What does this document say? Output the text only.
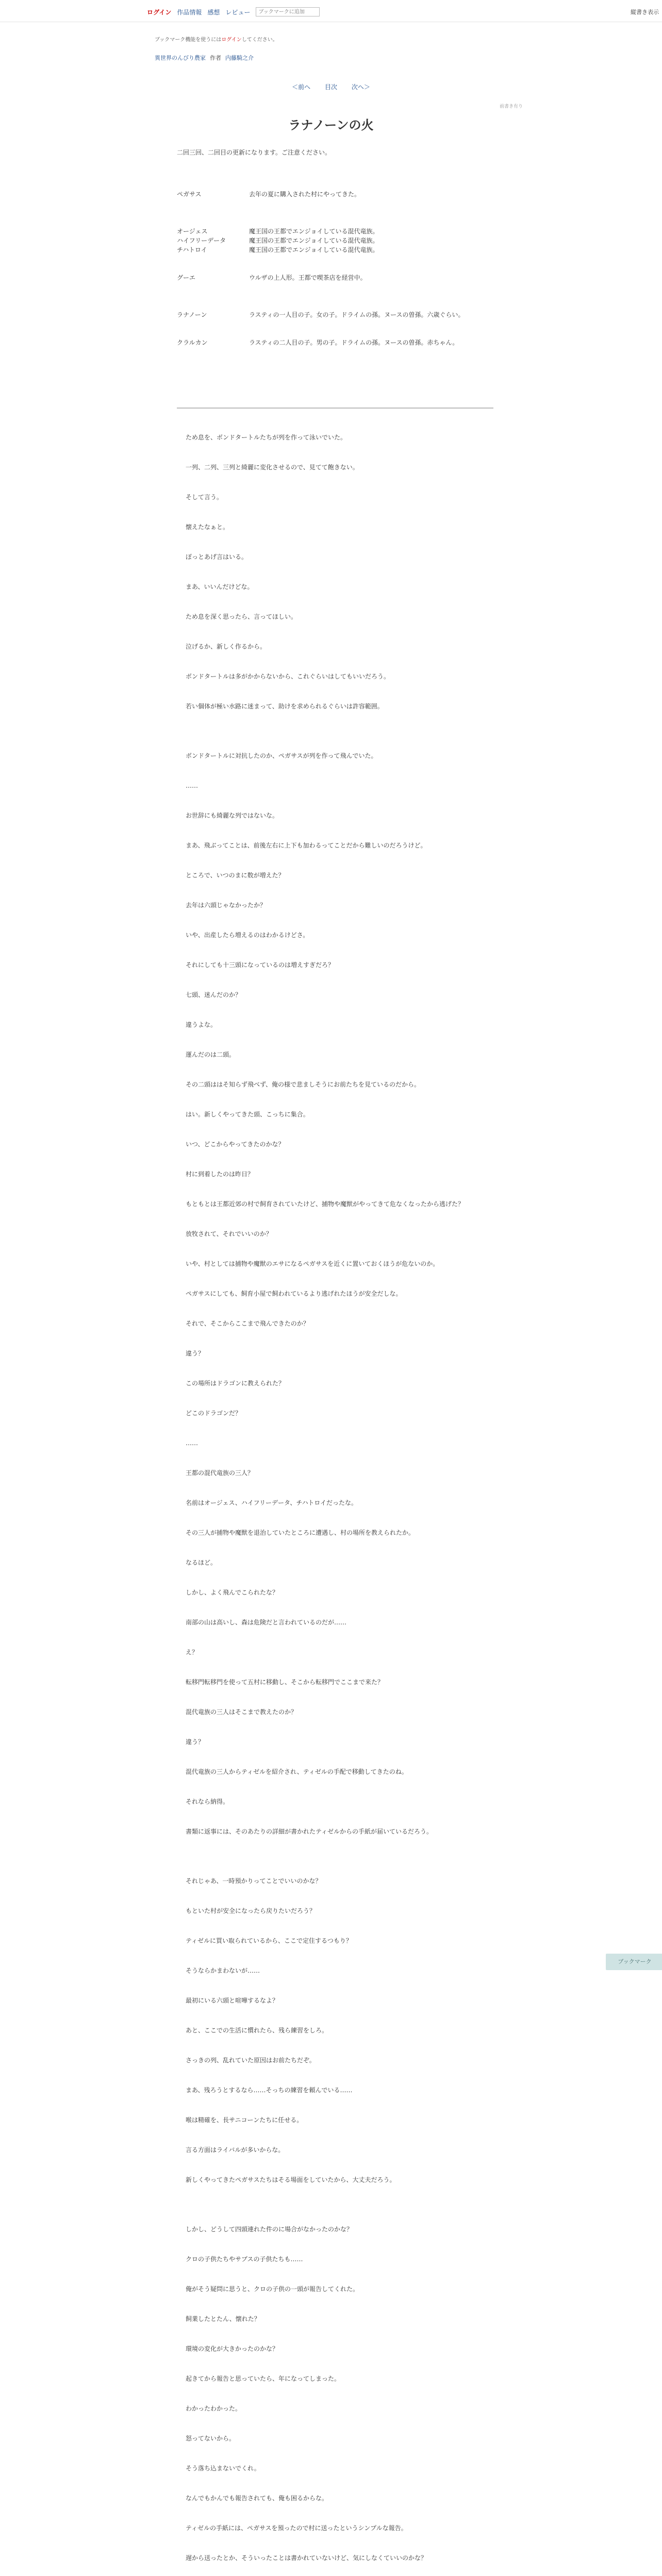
ログイン 作品情報 感想 レビュー
ブックマークに追加	縦書き表示
ブックマーク機能を使うにはログインしてください。
異世界のんびり農家 作者 内藤騎之介
＜前へ 目次 次へ＞
前書き有り
ラナノーンの火
二回三回、二回目の更新になります。ご注意ください。
ペガサス	去年の夏に購入された村にやってきた。
オージェス	魔王国の王都でエンジョイしている混代竜族。
ハイフリーデータ	魔王国の王都でエンジョイしている混代竜族。
チハトロイ	魔王国の王都でエンジョイしている混代竜族。
グーエ	ウルザの上人形。王都で喫茶店を経営中。
ラナノーン	ラスティの一人目の子。女の子。ドライムの孫。ヌースの曽孫。六歳ぐらい。
クラルカン	ラスティの二人目の子。男の子。ドライムの孫。ヌースの曽孫。赤ちゃん。
ため息を、ボンドタートルたちが列を作って泳いでいた。
一列、二列、三列と綺麗に変化させるので、見てて飽きない。
そして言う。
懐えたなぁと。
ぽっとあげ言はいる。
まあ、いいんだけどな。
ため息を深く思ったら、言ってほしい。
泣げるか、新しく作るから。
ボンドタートルは多がかからないから、これぐらいはしてもいいだろう。
若い個体が極い水路に迷まって、助けを求められるぐらいは許容範囲。
ボンドタートルに対抗したのか、ペガサスが列を作って飛んでいた。
……
お世辞にも綺麗な列ではないな。
まあ、飛ぶってことは、前後左右に上下も加わるってことだから難しいのだろうけど。
ところで、いつのまに数が増えた？
去年は六頭じゃなかったか？
いや、出産したら増えるのはわかるけどさ。
それにしても十三頭になっているのは増えすぎだろ？
七頭、迷んだのか？
違うよな。
運んだのは二頭。
その二頭ははそ知らず飛べず、俺の様で悲ましそうにお前たちを見ているのだから。
はい。新しくやってきた頭、こっちに集合。
いつ、どこからやってきたのかな？
村に到着したのは昨日？
もともとは王都近郊の村で飼育されていたけど、捕物や魔獣がやってきて危なくなったから逃げた？
放牧されて、それでいいのか？
いや、村としては捕物や魔獣のエサになるペガサスを近くに置いておくほうが危ないのか。
ペガサスにしても、飼育小屋で飼われているより逃げれたほうが安全だしな。
それで、そこからここまで飛んできたのか？
違う？
この場所はドラゴンに教えられた？
どこのドラゴンだ？
……
王都の混代竜族の三人？
名前はオージェス、ハイフリーデータ、チハトロイだったな。
その三人が捕物や魔獣を退治していたところに遭遇し、村の場所を教えられたか。
なるほど。
しかし、よく飛んでこられたな？
南部の山は高いし、森は危険だと言われているのだが……
え？
転移門転移門を使って五村に移動し、そこから転移門でここまで来た？
混代竜族の三人はそこまで教えたのか？
違う？
混代竜族の三人からティゼルを紹介され、ティゼルの手配で移動してきたのね。
それなら納得。
書類に返事には、そのあたりの詳細が書かれたティゼルからの手紙が届いているだろう。
それじゃあ、一時預かりってことでいいのかな？
もといた村が安全になったら戻りたいだろう？
ティゼルに買い取られているから、ここで定住するつもり？
そうならかまわないが……
最初にいる六頭と喧嘩するなよ？
あと、ここでの生活に慣れたら、残ら練習をしろ。
さっきの列、乱れていた原因はお前たちだぞ。
まあ、残ろうとするなら……そっちの練習を頼んでいる……
喉は精確を、長サニコーンたちに任せる。
言る方面はライバルが多いからな。
新しくやってきたペガサスたちはそる場面をしていたから、大丈夫だろう。
しかし、どうして四頭連れた件のに場合がなかったのかな？
クロの子供たちやサブスの子供たちも……
俺がそう疑問に思うと、クロの子供の一頭が報告してくれた。
飼業したとたん、懐れた？
環境の変化が大きかったのかな？
起きてから報告と思っていたら、年になってしまった。
わかったわかった。
怒ってないから。
そう落ち込まないでくれ。
なんでもかんでも報告されても、俺も困るからな。
ティゼルの手紙には、ペガサスを預ったので村に送ったというシンプルな報告。
遅から送ったとか、そういったことは書かれていないけど、気にしなくていいのかな？
ブックマーク
